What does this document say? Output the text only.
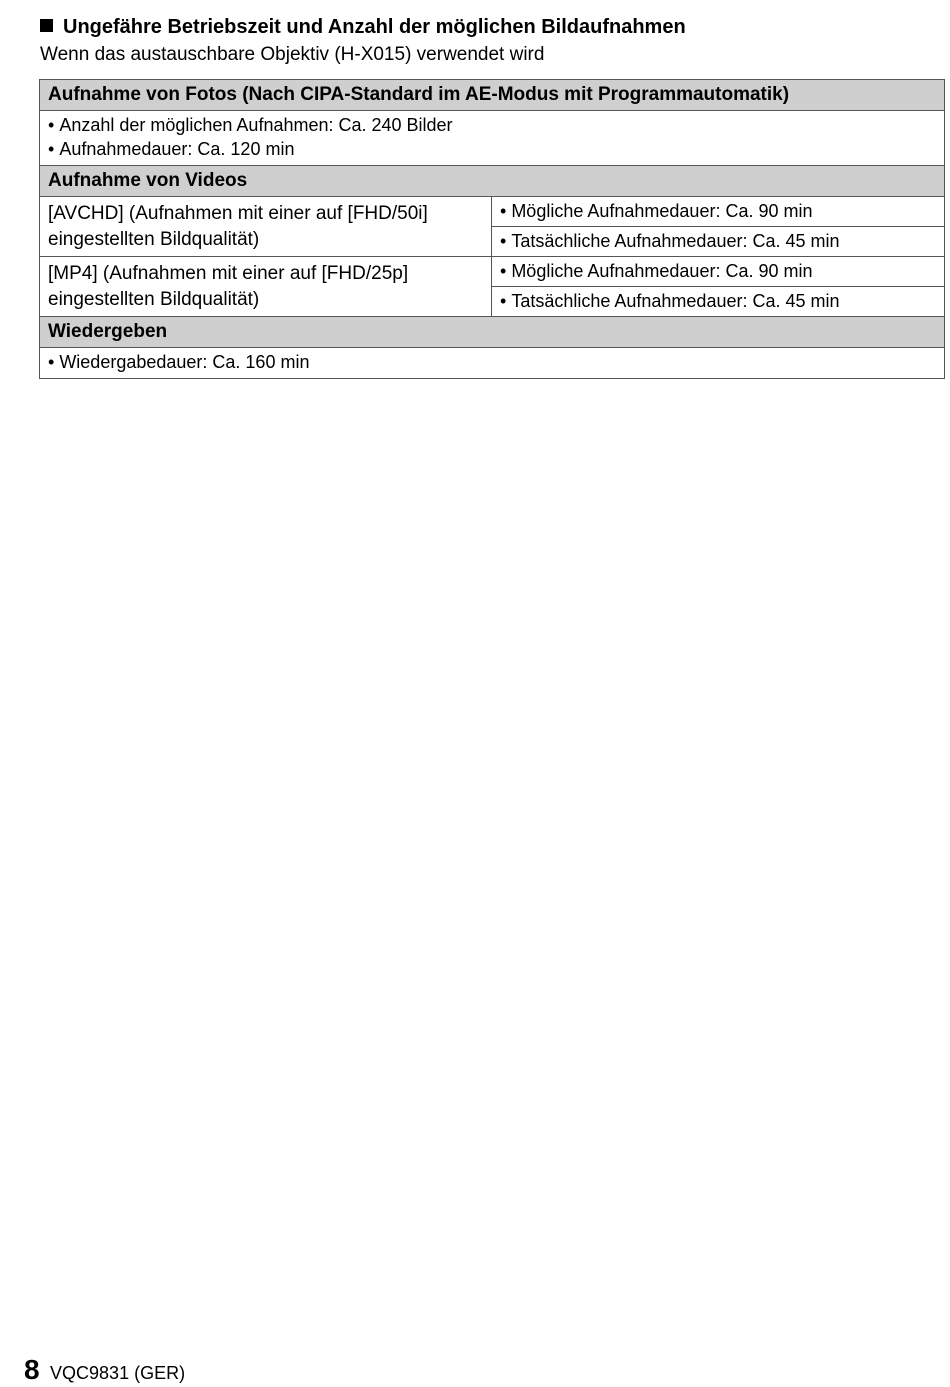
Ungefähre Betriebszeit und Anzahl der möglichen Bildaufnahmen
Wenn das austauschbare Objektiv (H-X015) verwendet wird
Aufnahme von Fotos (Nach CIPA-Standard im AE-Modus mit Programmautomatik)	

• Anzahl der möglichen Aufnahmen: Ca. 240 Bilder
• Aufnahmedauer: Ca. 120 min

Aufnahme von Videos	

[AVCHD] (Aufnahmen mit einer auf [FHD/50i]
eingestellten Bildqualität)	• Mögliche Aufnahmedauer: Ca. 90 min
	• Tatsächliche Aufnahmedauer: Ca. 45 min

[MP4] (Aufnahmen mit einer auf [FHD/25p]
eingestellten Bildqualität)	• Mögliche Aufnahmedauer: Ca. 90 min
	• Tatsächliche Aufnahmedauer: Ca. 45 min
Wiedergeben	

• Wiedergabedauer: Ca. 160 min
8 VQC9831 (GER)
